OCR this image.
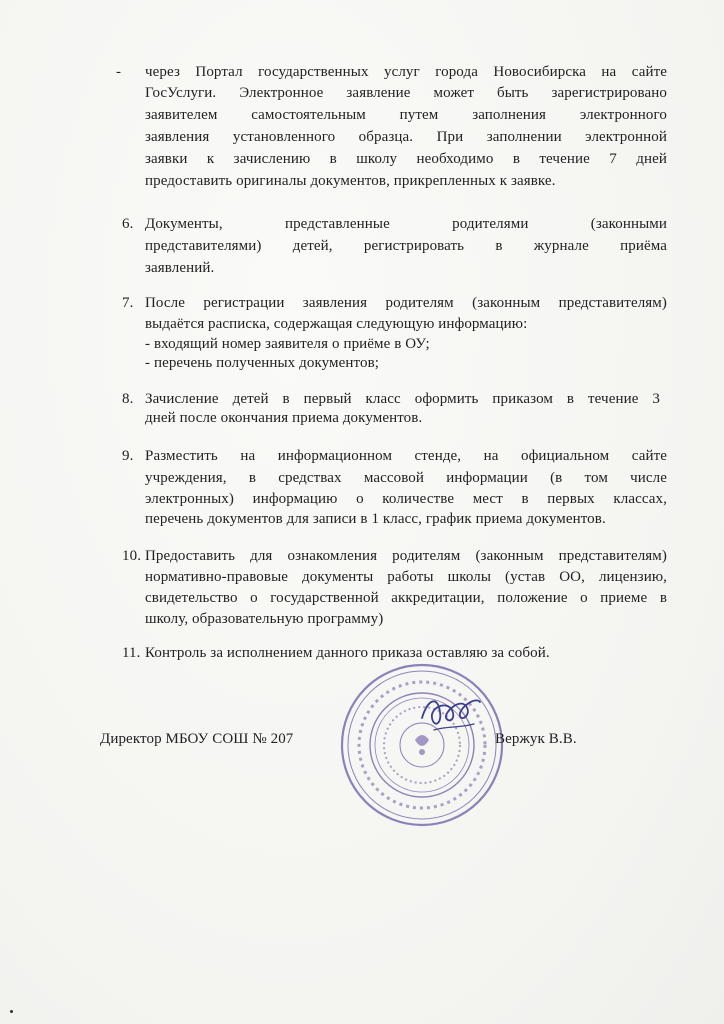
- через Портал государственных услуг города Новосибирска на сайте
ГосУслуги. Электронное заявление может быть зарегистрировано
заявителем самостоятельным путем заполнения электронного
заявления установленного образца. При заполнении электронной
заявки к зачислению в школу необходимо в течение 7 дней
предоставить оригиналы документов, прикрепленных к заявке.
6. Документы, представленные родителями (законными
представителями) детей, регистрировать в журнале приёма
заявлений.
7. После регистрации заявления родителям (законным представителям)
выдаётся расписка, содержащая следующую информацию:
- входящий номер заявителя о приёме в ОУ;
- перечень полученных документов;
8. Зачисление детей в первый класс оформить приказом в течение 3
дней после окончания приема документов.
9. Разместить на информационном стенде, на официальном сайте
учреждения, в средствах массовой информации (в том числе
электронных) информацию о количестве мест в первых классах,
перечень документов для записи в 1 класс, график приема документов.
10. Предоставить для ознакомления родителям (законным представителям)
нормативно-правовые документы работы школы (устав ОО, лицензию,
свидетельство о государственной аккредитации, положение о приеме в
школу, образовательную программу)
11. Контроль за исполнением данного приказа оставляю за собой.
Директор МБОУ СОШ № 207	Вержук В.В.
